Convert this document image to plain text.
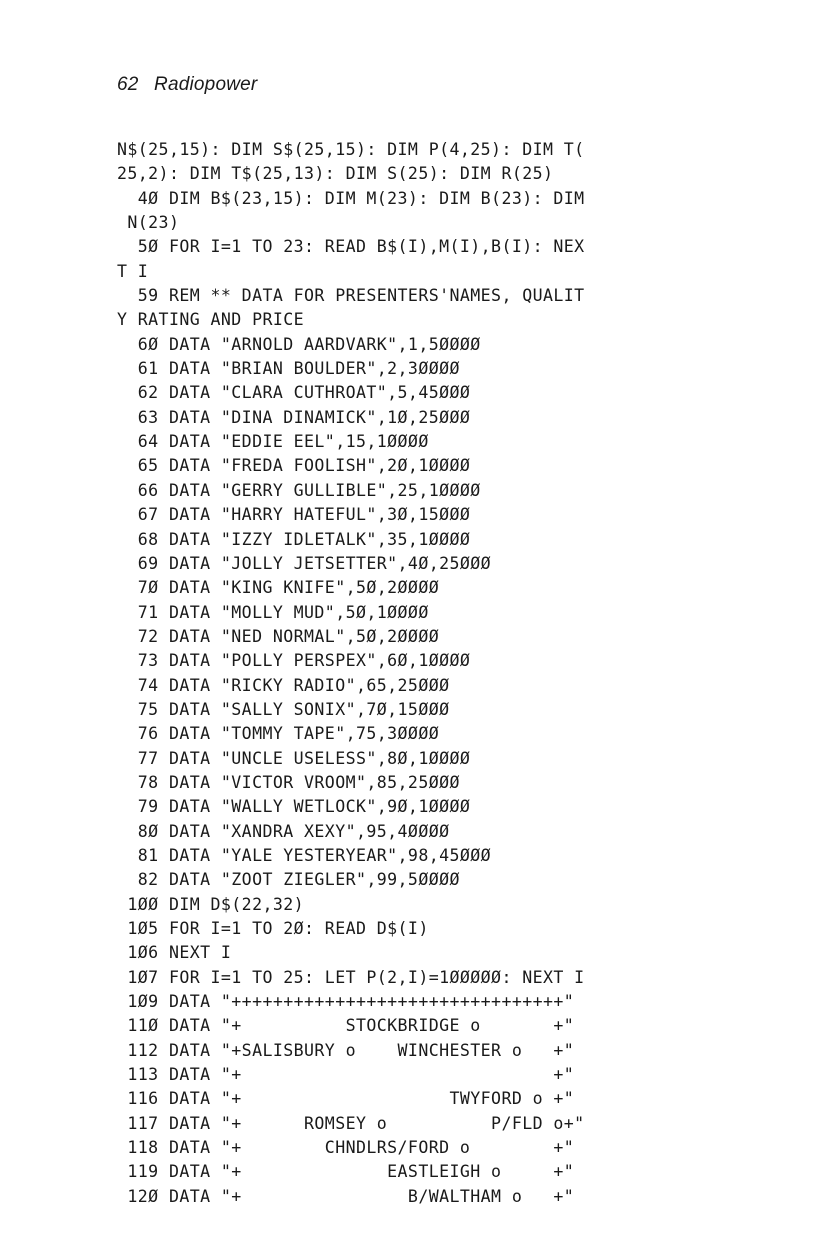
62 Radiopower
N$(25,15): DIM S$(25,15): DIM P(4,25): DIM T(
25,2): DIM T$(25,13): DIM S(25): DIM R(25)
4Ø DIM B$(23,15): DIM M(23): DIM B(23): DIM
N(23)
5Ø FOR I=1 TO 23: READ B$(I),M(I),B(I): NEX
T I
59 REM ** DATA FOR PRESENTERS'NAMES, QUALIT
Y RATING AND PRICE
6Ø DATA "ARNOLD AARDVARK",1,5ØØØØ
61 DATA "BRIAN BOULDER",2,3ØØØØ
62 DATA "CLARA CUTHROAT",5,45ØØØ
63 DATA "DINA DINAMICK",1Ø,25ØØØ
64 DATA "EDDIE EEL",15,1ØØØØ
65 DATA "FREDA FOOLISH",2Ø,1ØØØØ
66 DATA "GERRY GULLIBLE",25,1ØØØØ
67 DATA "HARRY HATEFUL",3Ø,15ØØØ
68 DATA "IZZY IDLETALK",35,1ØØØØ
69 DATA "JOLLY JETSETTER",4Ø,25ØØØ
7Ø DATA "KING KNIFE",5Ø,2ØØØØ
71 DATA "MOLLY MUD",5Ø,1ØØØØ
72 DATA "NED NORMAL",5Ø,2ØØØØ
73 DATA "POLLY PERSPEX",6Ø,1ØØØØ
74 DATA "RICKY RADIO",65,25ØØØ
75 DATA "SALLY SONIX",7Ø,15ØØØ
76 DATA "TOMMY TAPE",75,3ØØØØ
77 DATA "UNCLE USELESS",8Ø,1ØØØØ
78 DATA "VICTOR VROOM",85,25ØØØ
79 DATA "WALLY WETLOCK",9Ø,1ØØØØ
8Ø DATA "XANDRA XEXY",95,4ØØØØ
81 DATA "YALE YESTERYEAR",98,45ØØØ
82 DATA "ZOOT ZIEGLER",99,5ØØØØ
1ØØ DIM D$(22,32)
1Ø5 FOR I=1 TO 2Ø: READ D$(I)
1Ø6 NEXT I
1Ø7 FOR I=1 TO 25: LET P(2,I)=1ØØØØØ: NEXT I
1Ø9 DATA "++++++++++++++++++++++++++++++++"
11Ø DATA "+          STOCKBRIDGE o       +"
112 DATA "+SALISBURY o    WINCHESTER o   +"
113 DATA "+                              +"
116 DATA "+                    TWYFORD o +"
117 DATA "+      ROMSEY o          P/FLD o+"
118 DATA "+        CHNDLRS/FORD o        +"
119 DATA "+              EASTLEIGH o     +"
12Ø DATA "+                B/WALTHAM o   +"
